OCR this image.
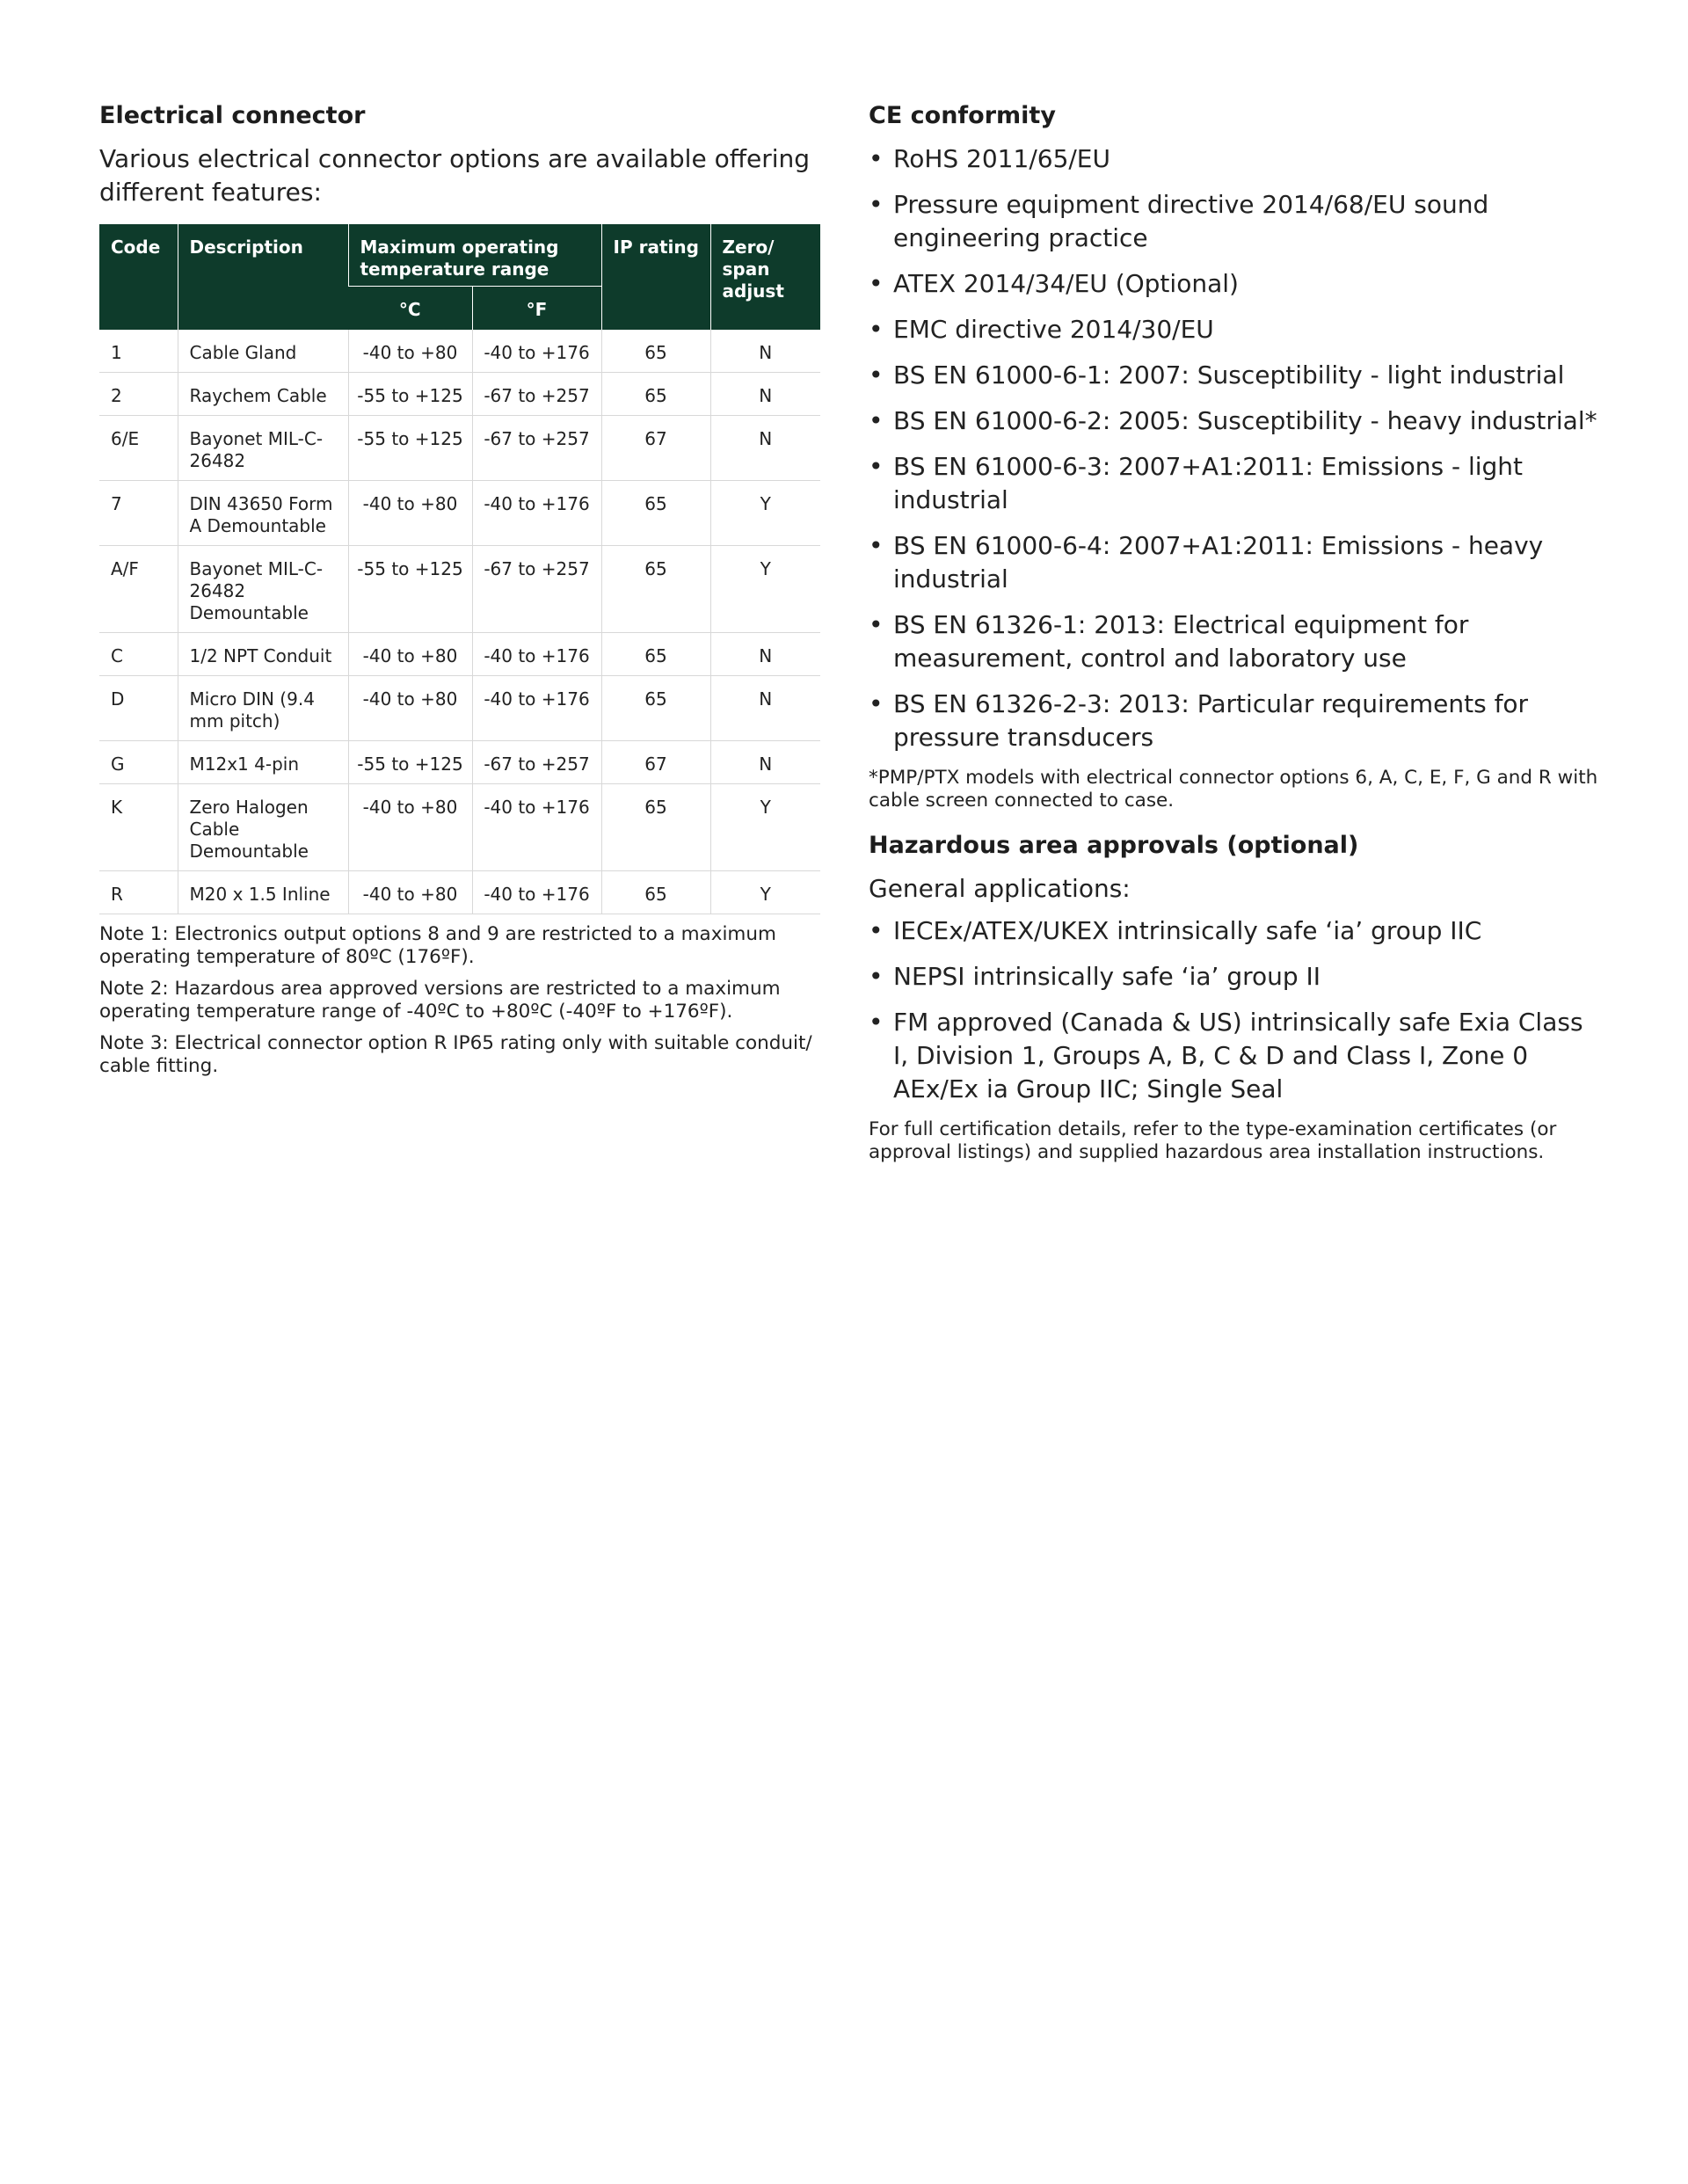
Electrical connector

Various electrical connector options are available offering different features:

Code	Description	Maximum operating temperature range		IP rating	Zero/ span adjust
		°C	°F		
1	Cable Gland	-40 to +80	-40 to +176	65	N
2	Raychem Cable	-55 to +125	-67 to +257	65	N
6/E	Bayonet MIL-C-26482	-55 to +125	-67 to +257	67	N
7	DIN 43650 Form A Demountable	-40 to +80	-40 to +176	65	Y
A/F	Bayonet MIL-C-26482 Demountable	-55 to +125	-67 to +257	65	Y
C	1/2 NPT Conduit	-40 to +80	-40 to +176	65	N
D	Micro DIN (9.4 mm pitch)	-40 to +80	-40 to +176	65	N
G	M12x1 4-pin	-55 to +125	-67 to +257	67	N
K	Zero Halogen Cable Demountable	-40 to +80	-40 to +176	65	Y
R	M20 x 1.5 Inline	-40 to +80	-40 to +176	65	Y

Note 1: Electronics output options 8 and 9 are restricted to a maximum operating temperature of 80ºC (176ºF).

Note 2: Hazardous area approved versions are restricted to a maximum operating temperature range of -40ºC to +80ºC (-40ºF to +176ºF).

Note 3: Electrical connector option R IP65 rating only with suitable conduit/ cable fitting.

CE conformity
• RoHS 2011/65/EU
• Pressure equipment directive 2014/68/EU sound engineering practice
• ATEX 2014/34/EU (Optional)
• EMC directive 2014/30/EU
• BS EN 61000-6-1: 2007: Susceptibility - light industrial
• BS EN 61000-6-2: 2005: Susceptibility - heavy industrial*
• BS EN 61000-6-3: 2007+A1:2011: Emissions - light industrial
• BS EN 61000-6-4: 2007+A1:2011: Emissions - heavy industrial
• BS EN 61326-1: 2013: Electrical equipment for measurement, control and laboratory use
• BS EN 61326-2-3: 2013: Particular requirements for pressure transducers

*PMP/PTX models with electrical connector options 6, A, C, E, F, G and R with cable screen connected to case.

Hazardous area approvals (optional)

General applications:

• IECEx/ATEX/UKEX intrinsically safe ‘ia’ group IIC
• NEPSI intrinsically safe ‘ia’ group II
• FM approved (Canada & US) intrinsically safe Exia Class I, Division 1, Groups A, B, C & D and Class I, Zone 0 AEx/Ex ia Group IIC; Single Seal

For full certification details, refer to the type-examination certificates (or approval listings) and supplied hazardous area installation instructions.
